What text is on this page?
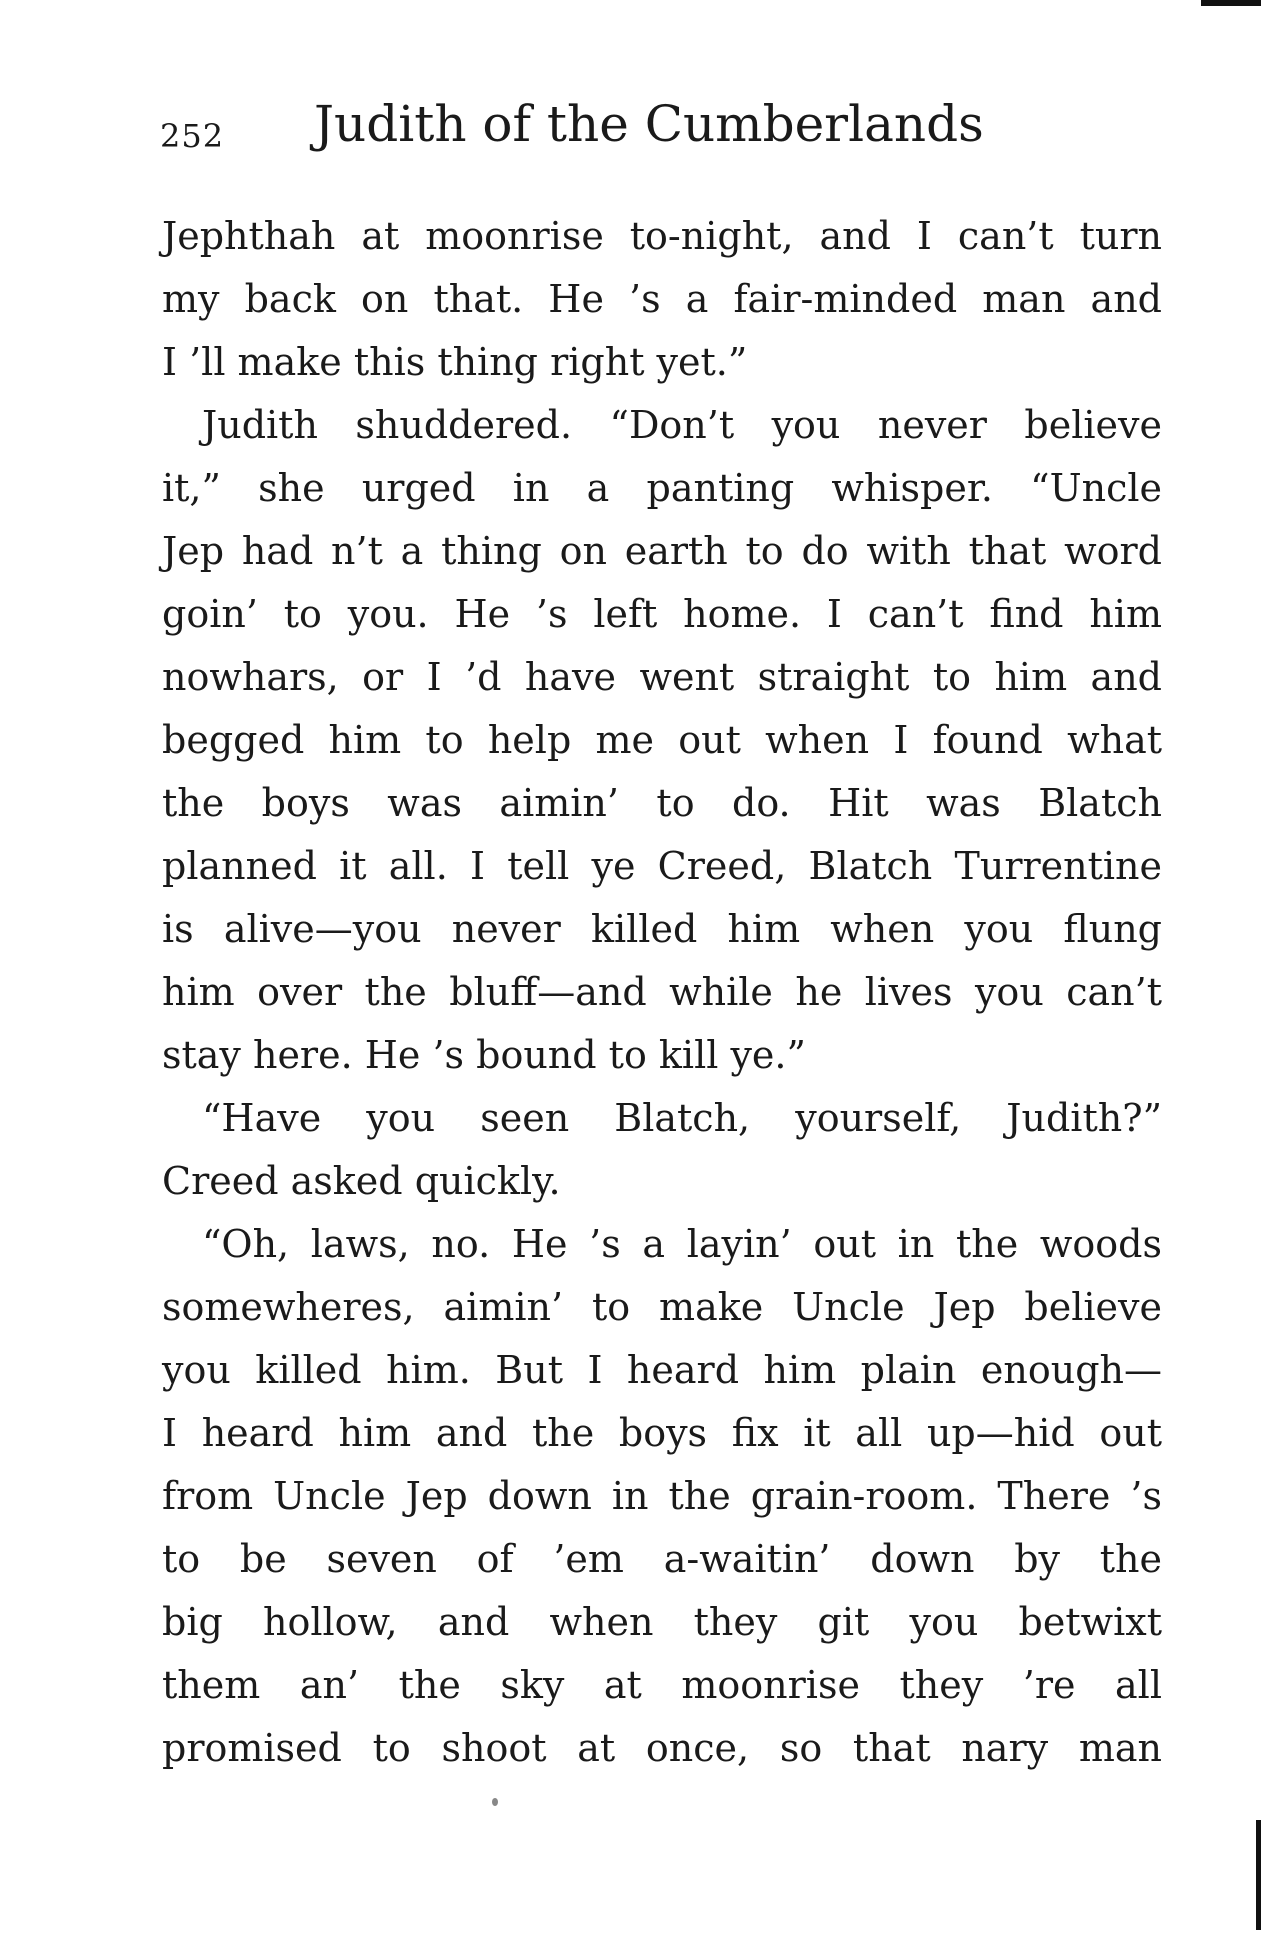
252 Judith of the Cumberlands
Jephthah at moonrise to-night, and I can’t turn
my back on that. He ’s a fair-minded man and
I ’ll make this thing right yet.”
Judith shuddered. “Don’t you never believe
it,” she urged in a panting whisper. “Uncle
Jep had n’t a thing on earth to do with that word
goin’ to you. He ’s left home. I can’t find him
nowhars, or I ’d have went straight to him and
begged him to help me out when I found what
the boys was aimin’ to do. Hit was Blatch
planned it all. I tell ye Creed, Blatch Turrentine
is alive—you never killed him when you flung
him over the bluff—and while he lives you can’t
stay here. He ’s bound to kill ye.”
“Have you seen Blatch, yourself, Judith?”
Creed asked quickly.
“Oh, laws, no. He ’s a layin’ out in the woods
somewheres, aimin’ to make Uncle Jep believe
you killed him. But I heard him plain enough—
I heard him and the boys fix it all up—hid out
from Uncle Jep down in the grain-room. There ’s
to be seven of ’em a-waitin’ down by the
big hollow, and when they git you betwixt
them an’ the sky at moonrise they ’re all
promised to shoot at once, so that nary man
